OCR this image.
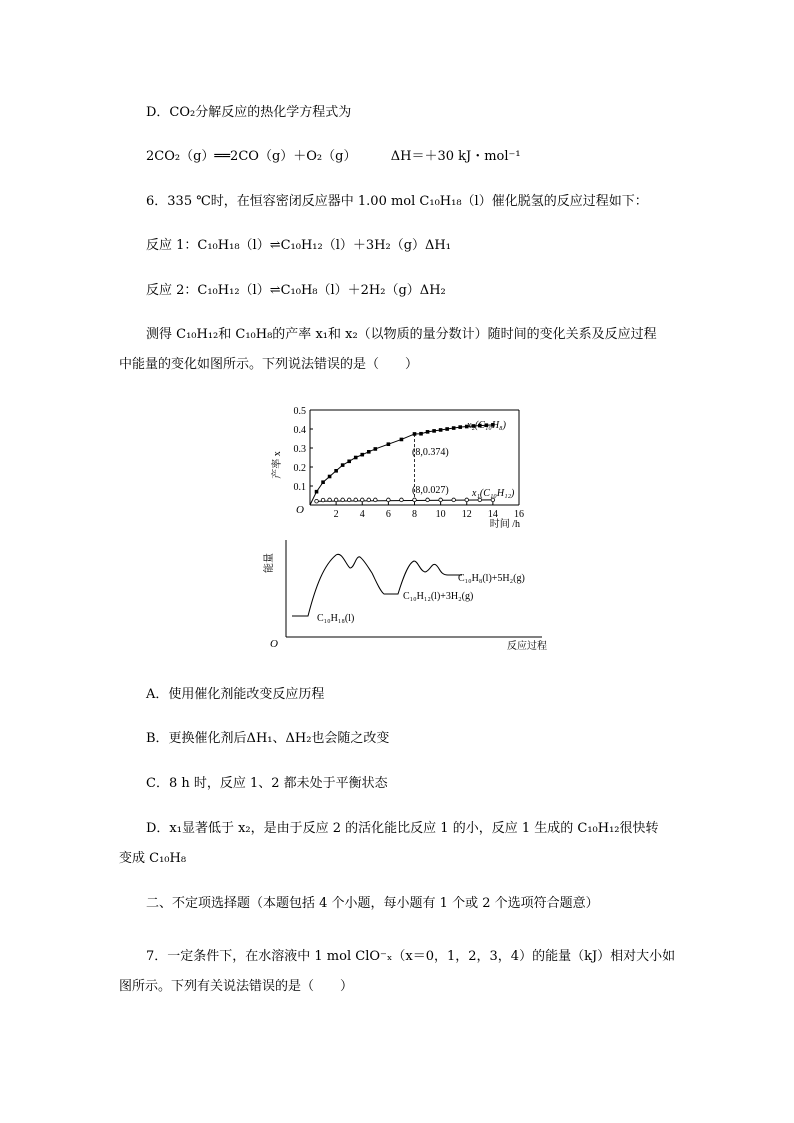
D．CO₂分解反应的热化学方程式为
2CO₂（g）══2CO（g）＋O₂（g）	ΔH＝＋30 kJ・mol⁻¹
6．335 ℃时，在恒容密闭反应器中 1.00 mol C₁₀H₁₈（l）催化脱氢的反应过程如下：
反应 1：C₁₀H₁₈（l）⇌C₁₀H₁₂（l）＋3H₂（g）ΔH₁
反应 2：C₁₀H₁₂（l）⇌C₁₀H₈（l）＋2H₂（g）ΔH₂
测得 C₁₀H₁₂和 C₁₀H₈的产率 x₁和 x₂（以物质的量分数计）随时间的变化关系及反应过程
中能量的变化如图所示。下列说法错误的是（　　）
0.1
0.2
0.3
0.4
0.5
2 4 6 8 10 12 14 16
O
产率 x
时间 /h
x₂(C₁₀H₈)
x₁(C₁₀H₁₂)
(8,0.374)
(8,0.027)
O
能量
反应过程
C₁₀H₁₈(l)
C₁₀H₁₂(l)+3H₂(g)
C₁₀H₈(l)+5H₂(g)
A．使用催化剂能改变反应历程
B．更换催化剂后ΔH₁、ΔH₂也会随之改变
C．8 h 时，反应 1、2 都未处于平衡状态
D．x₁显著低于 x₂，是由于反应 2 的活化能比反应 1 的小，反应 1 生成的 C₁₀H₁₂很快转
变成 C₁₀H₈
二、不定项选择题（本题包括 4 个小题，每小题有 1 个或 2 个选项符合题意）
7．一定条件下，在水溶液中 1 mol ClO⁻ₓ（x＝0，1，2，3，4）的能量（kJ）相对大小如
图所示。下列有关说法错误的是（　　）
